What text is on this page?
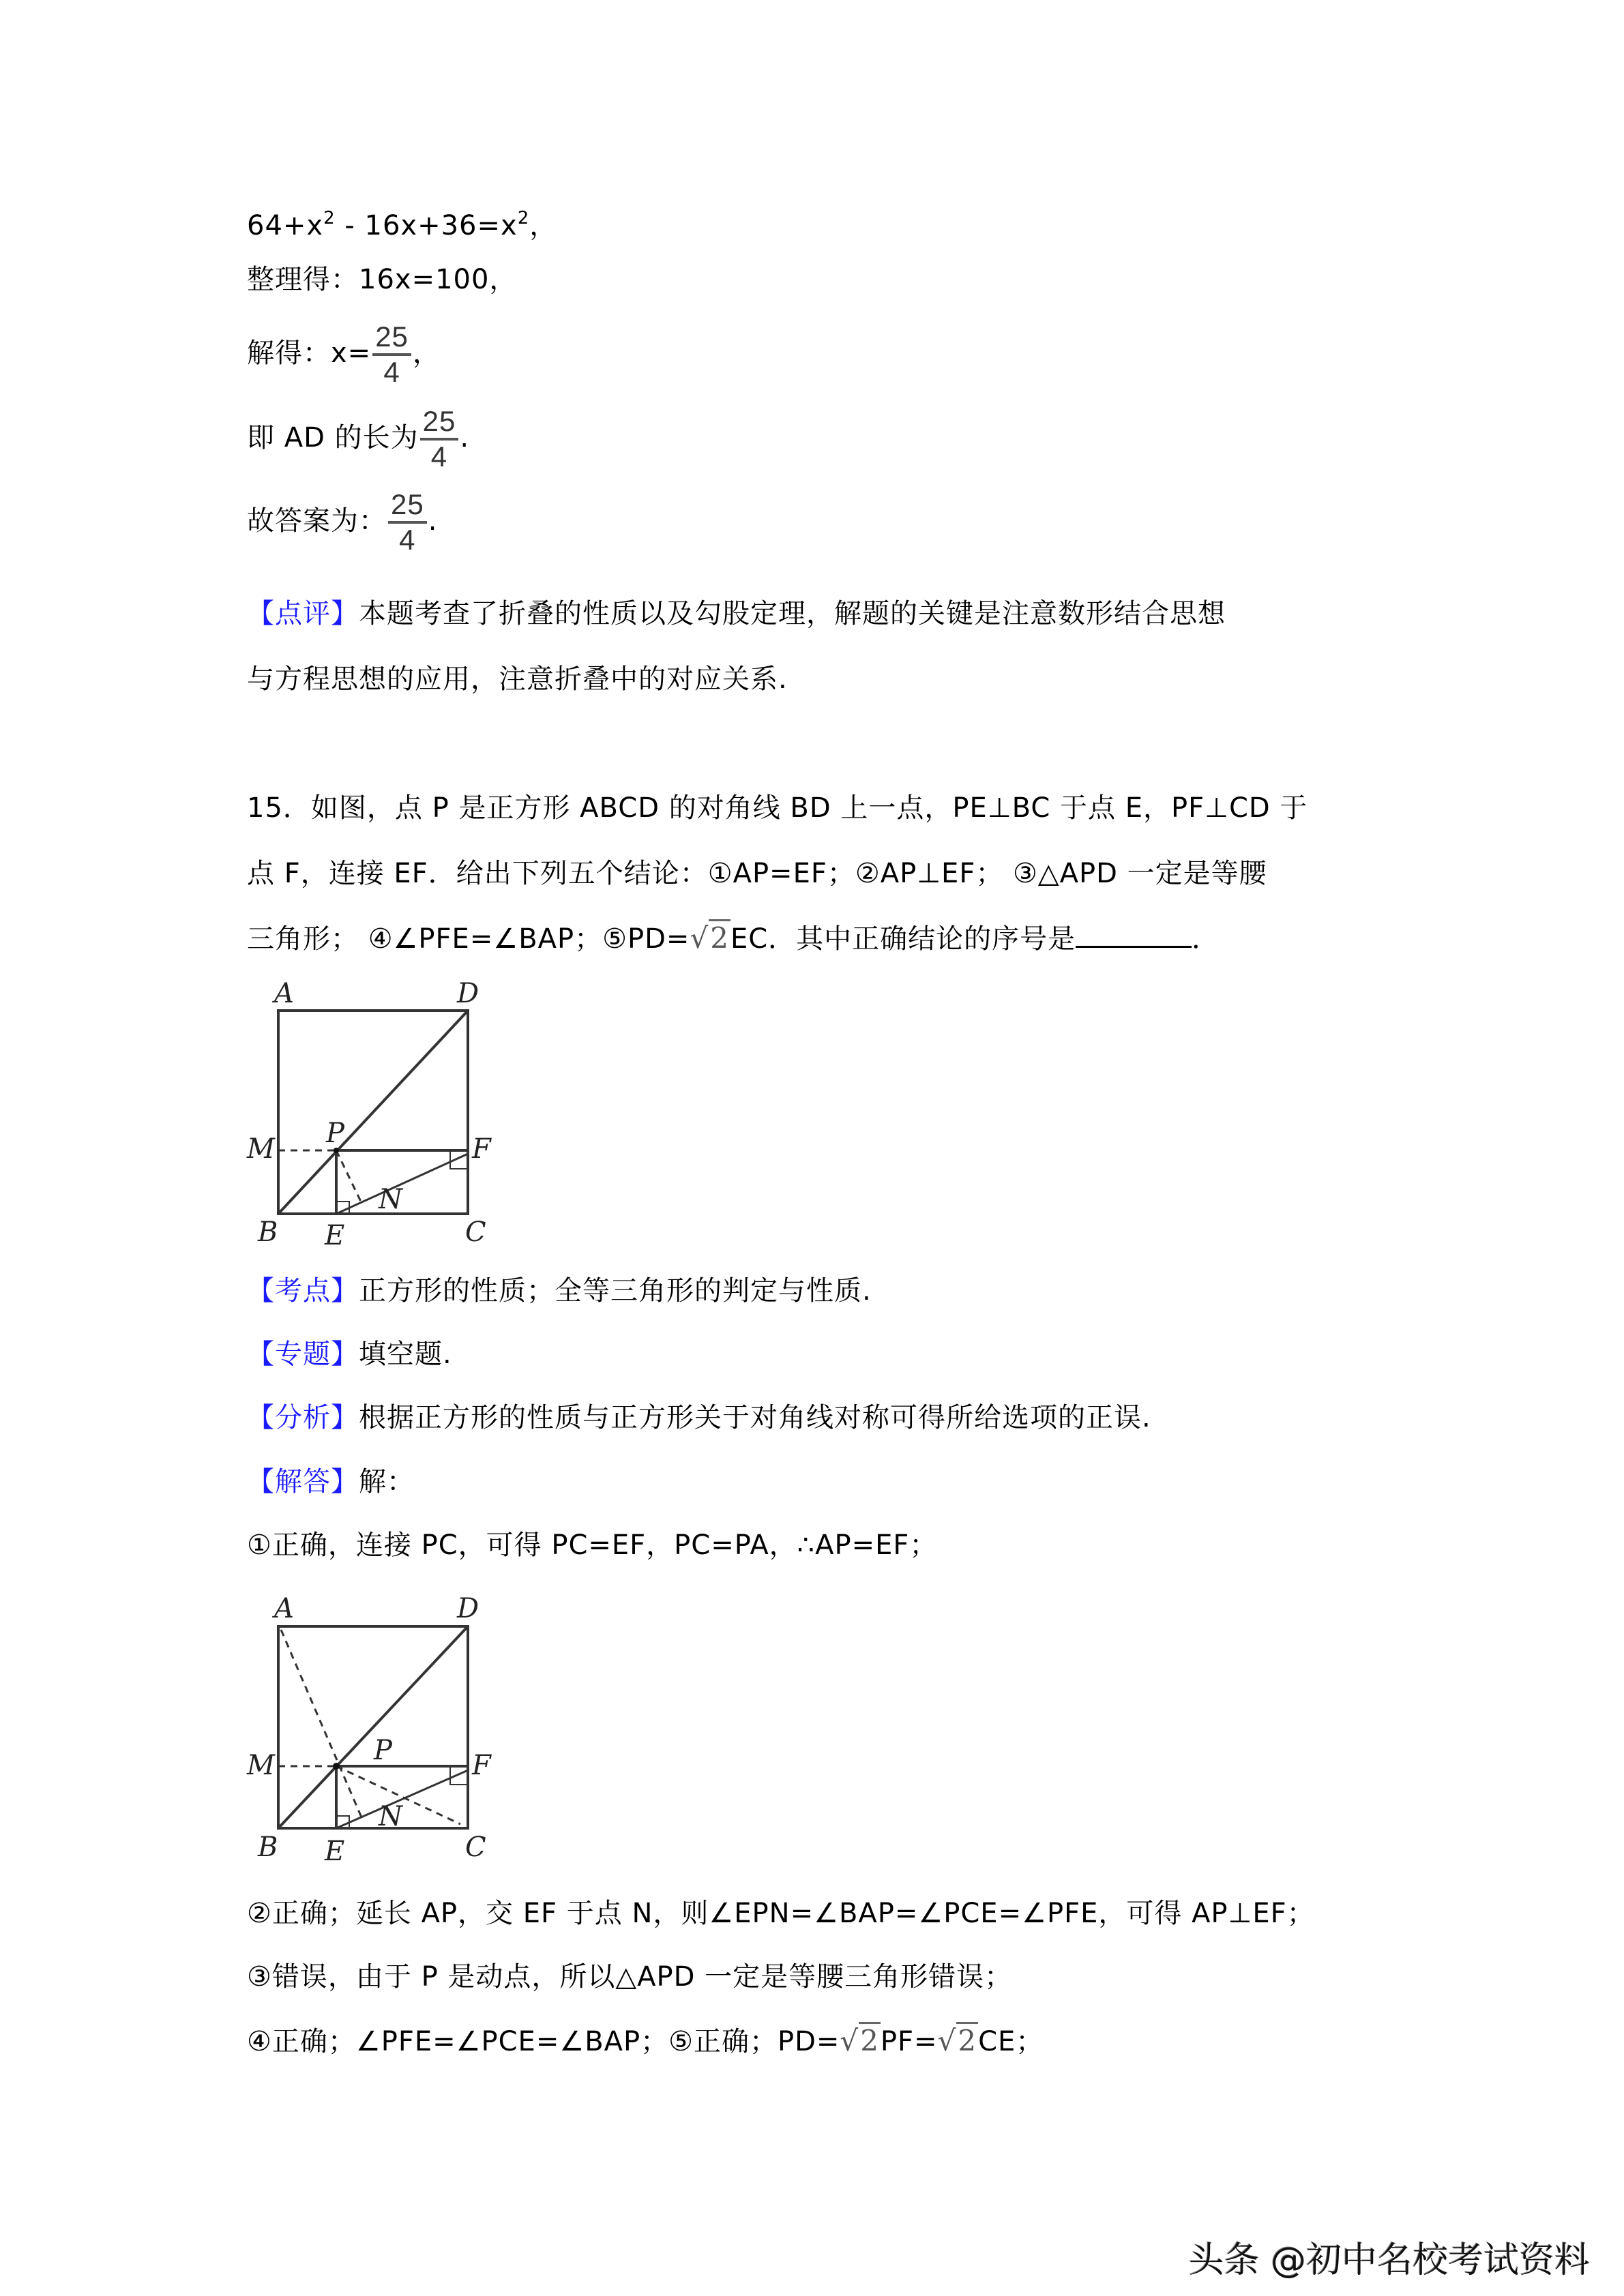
$64+x^2 - 16x+36=x^2$，
整理得：16x=100，
解得：$x= \frac{25}{4}$ ，
即 AD 的长为 $\frac{25}{4}$ .
故答案为： $\frac{25}{4}$ .
【点评】本题考查了折叠的性质以及勾股定理，解题的关键是注意数形结合思想
与方程思想的应用，注意折叠中的对应关系.
15．如图，点 P 是正方形 ABCD 的对角线 BD 上一点，PE⊥BC 于点 E，PF⊥CD 于
点 F，连接 EF．给出下列五个结论：①AP=EF；②AP⊥EF； ③△APD 一定是等腰
三角形； ④∠PFE=∠BAP；⑤PD=√2EC．其中正确结论的序号是	．
A	D
M P	F
N
B E	C
【考点】正方形的性质；全等三角形的判定与性质.
【专题】填空题.
【分析】根据正方形的性质与正方形关于对角线对称可得所给选项的正误.
【解答】解：
①正确，连接 PC，可得 PC=EF，PC=PA，∴AP=EF；
A	D
M	P	F
N
B E	C
②正确；延长 AP，交 EF 于点 N，则∠EPN=∠BAP=∠PCE=∠PFE，可得 AP⊥EF；
③错误，由于 P 是动点，所以△APD 一定是等腰三角形错误；
④正确；∠PFE=∠PCE=∠BAP；⑤正确；PD=√2PF=√2CE；
头条 @初中名校考试资料
